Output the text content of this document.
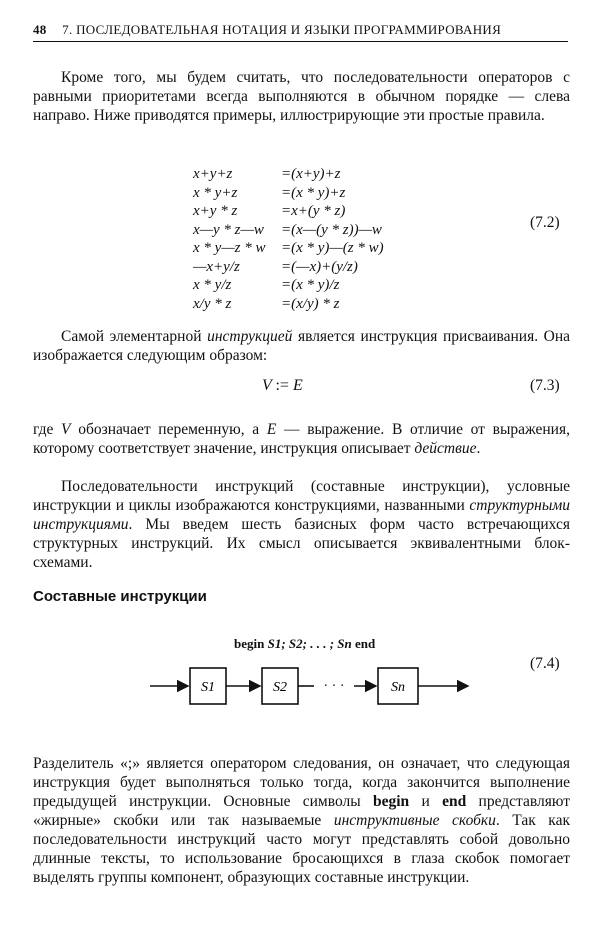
48 7. ПОСЛЕДОВАТЕЛЬНАЯ НОТАЦИЯ И ЯЗЫКИ ПРОГРАММИРОВАНИЯ

Кроме того, мы будем считать, что последовательности операторов с равными приоритетами всегда выполняются в обычном порядке — слева направо. Ниже приводятся примеры, иллюстрирующие эти простые правила.

x+y+z	=(x+y)+z
x * y+z	=(x * y)+z
x+y * z	=x+(y * z)
x—y * z—w	=(x—(y * z))—w
x * y—z * w	=(x * y)—(z * w)
—x+y/z	=(—x)+(y/z)
x * y/z	=(x * y)/z
x/y * z	=(x/y) * z
(7.2)

Самой элементарной инструкцией является инструкция присваивания. Она изображается следующим образом:

V := E	(7.3)

где V обозначает переменную, а E — выражение. В отличие от выражения, которому соответствует значение, инструкция описывает действие.

Последовательности инструкций (составные инструкции), условные инструкции и циклы изображаются конструкциями, названными структурными инструкциями. Мы введем шесть базисных форм часто встречающихся структурных инструкций. Их смысл описывается эквивалентными блок-схемами.

Составные инструкции
begin S1; S2; . . . ; Sn end
S1	S2	· · ·	Sn
(7.4)

Разделитель «;» является оператором следования, он означает, что следующая инструкция будет выполняться только тогда, когда закончится выполнение предыдущей инструкции. Основные символы begin и end представляют «жирные» скобки или так называемые инструктивные скобки. Так как последовательности инструкций часто могут представлять собой довольно длинные тексты, то использование бросающихся в глаза скобок помогает выделять группы компонент, образующих составные инструкции.
